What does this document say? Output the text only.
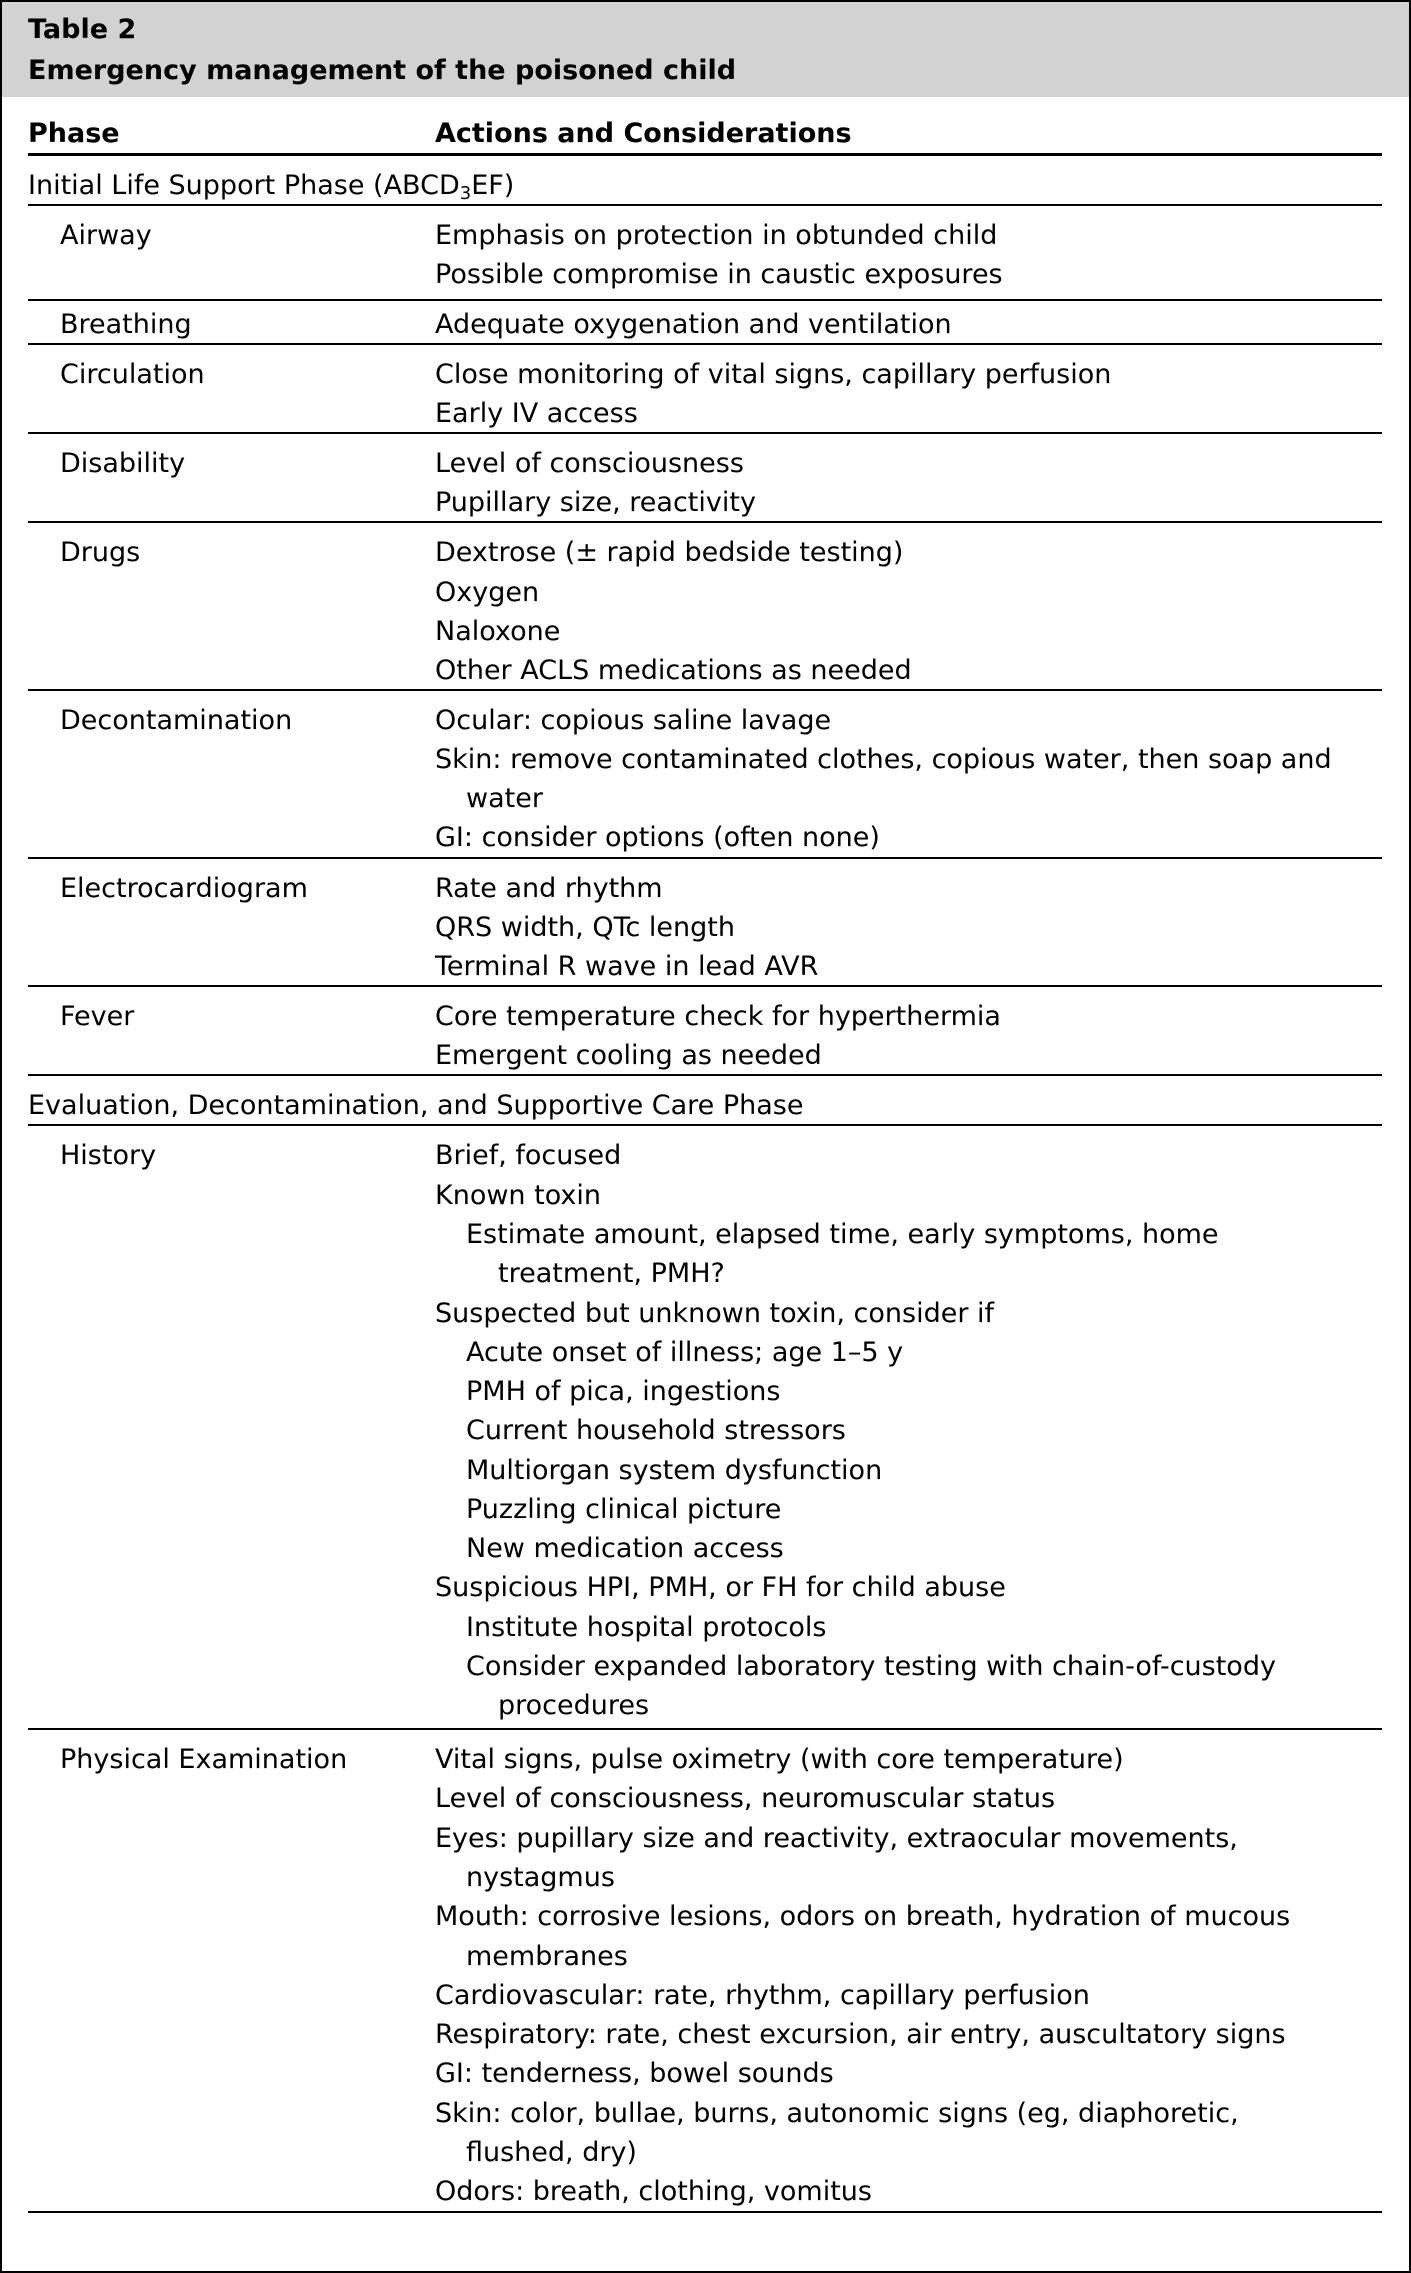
Table 2
Emergency management of the poisoned child
Phase	Actions and Considerations
Initial Life Support Phase $(ABCD_3EF)$
Airway	Emphasis on protection in obtunded child
Possible compromise in caustic exposures
Breathing	Adequate oxygenation and ventilation
Circulation	Close monitoring of vital signs, capillary perfusion
Early IV access
Disability	Level of consciousness
Pupillary size, reactivity
Drugs	Dextrose (± rapid bedside testing)
Oxygen
Naloxone
Other ACLS medications as needed
Decontamination	Ocular: copious saline lavage
Skin: remove contaminated clothes, copious water, then soap and
water
GI: consider options (often none)
Electrocardiogram	Rate and rhythm
QRS width, QTc length
Terminal R wave in lead AVR
Fever	Core temperature check for hyperthermia
Emergent cooling as needed
Evaluation, Decontamination, and Supportive Care Phase
History	Brief, focused
Known toxin
Estimate amount, elapsed time, early symptoms, home
treatment, PMH?
Suspected but unknown toxin, consider if
Acute onset of illness; age 1–5 y
PMH of pica, ingestions
Current household stressors
Multiorgan system dysfunction
Puzzling clinical picture
New medication access
Suspicious HPI, PMH, or FH for child abuse
Institute hospital protocols
Consider expanded laboratory testing with chain-of-custody
procedures
Physical Examination	Vital signs, pulse oximetry (with core temperature)
Level of consciousness, neuromuscular status
Eyes: pupillary size and reactivity, extraocular movements,
nystagmus
Mouth: corrosive lesions, odors on breath, hydration of mucous
membranes
Cardiovascular: rate, rhythm, capillary perfusion
Respiratory: rate, chest excursion, air entry, auscultatory signs
GI: tenderness, bowel sounds
Skin: color, bullae, burns, autonomic signs (eg, diaphoretic,
flushed, dry)
Odors: breath, clothing, vomitus
